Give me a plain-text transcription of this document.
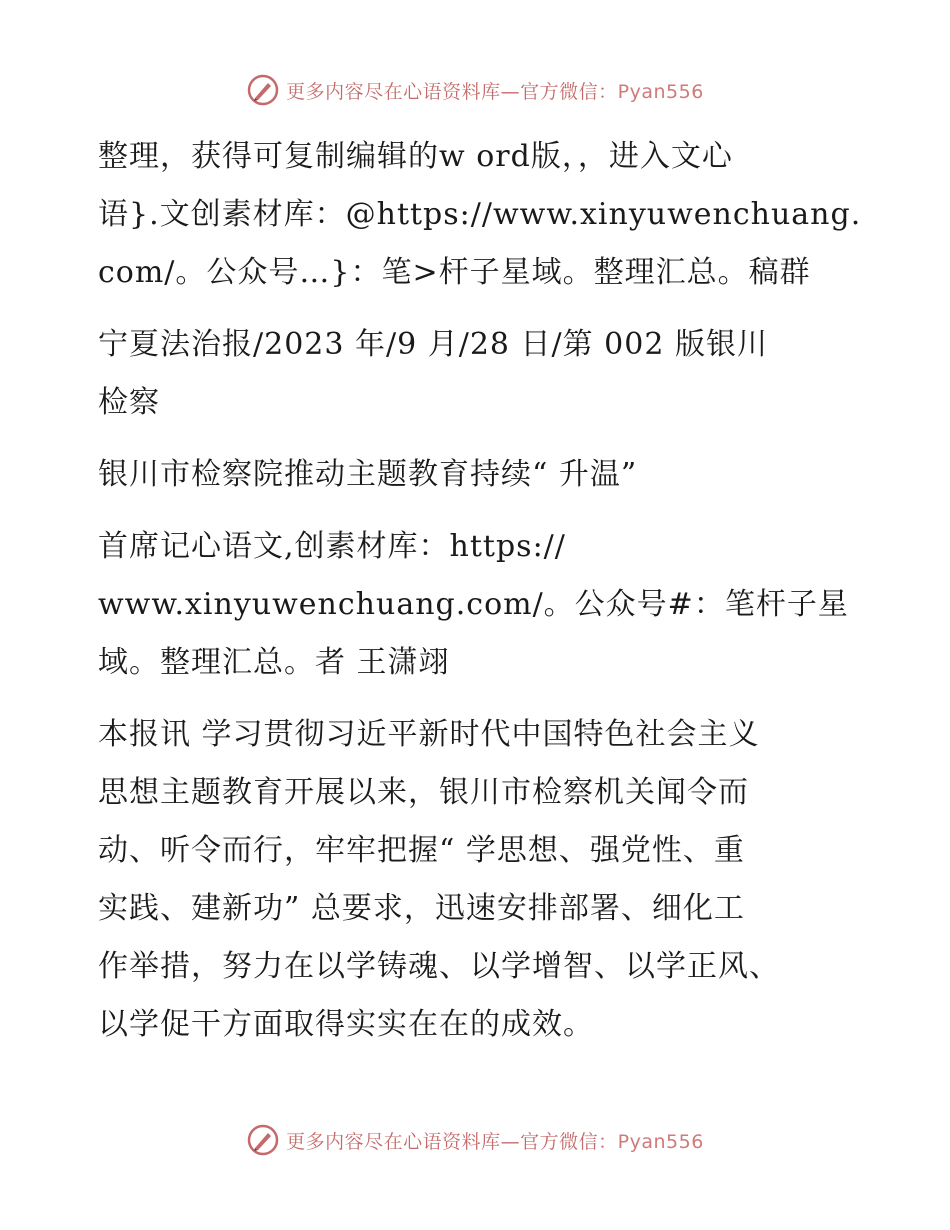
更多内容尽在心语资料库—官方微信：Pyan556
整理，获得可复制编辑的w ord版，，进入文心
语}.文创素材库：@https://www.xinyuwenchuang.
com/。公众号…}：笔>杆子星域。整理汇总。稿群
宁夏法治报/2023 年/9 月/28 日/第 002 版银川
检察
银川市检察院推动主题教育持续“ 升温”
首席记心语文,创素材库：https://
www.xinyuwenchuang.com/。公众号#：笔杆子星
域。整理汇总。者 王潇翊
本报讯 学习贯彻习近平新时代中国特色社会主义
思想主题教育开展以来，银川市检察机关闻令而
动、听令而行，牢牢把握“ 学思想、强党性、重
实践、建新功” 总要求，迅速安排部署、细化工
作举措，努力在以学铸魂、以学增智、以学正风、
以学促干方面取得实实在在的成效。
更多内容尽在心语资料库—官方微信：Pyan556
